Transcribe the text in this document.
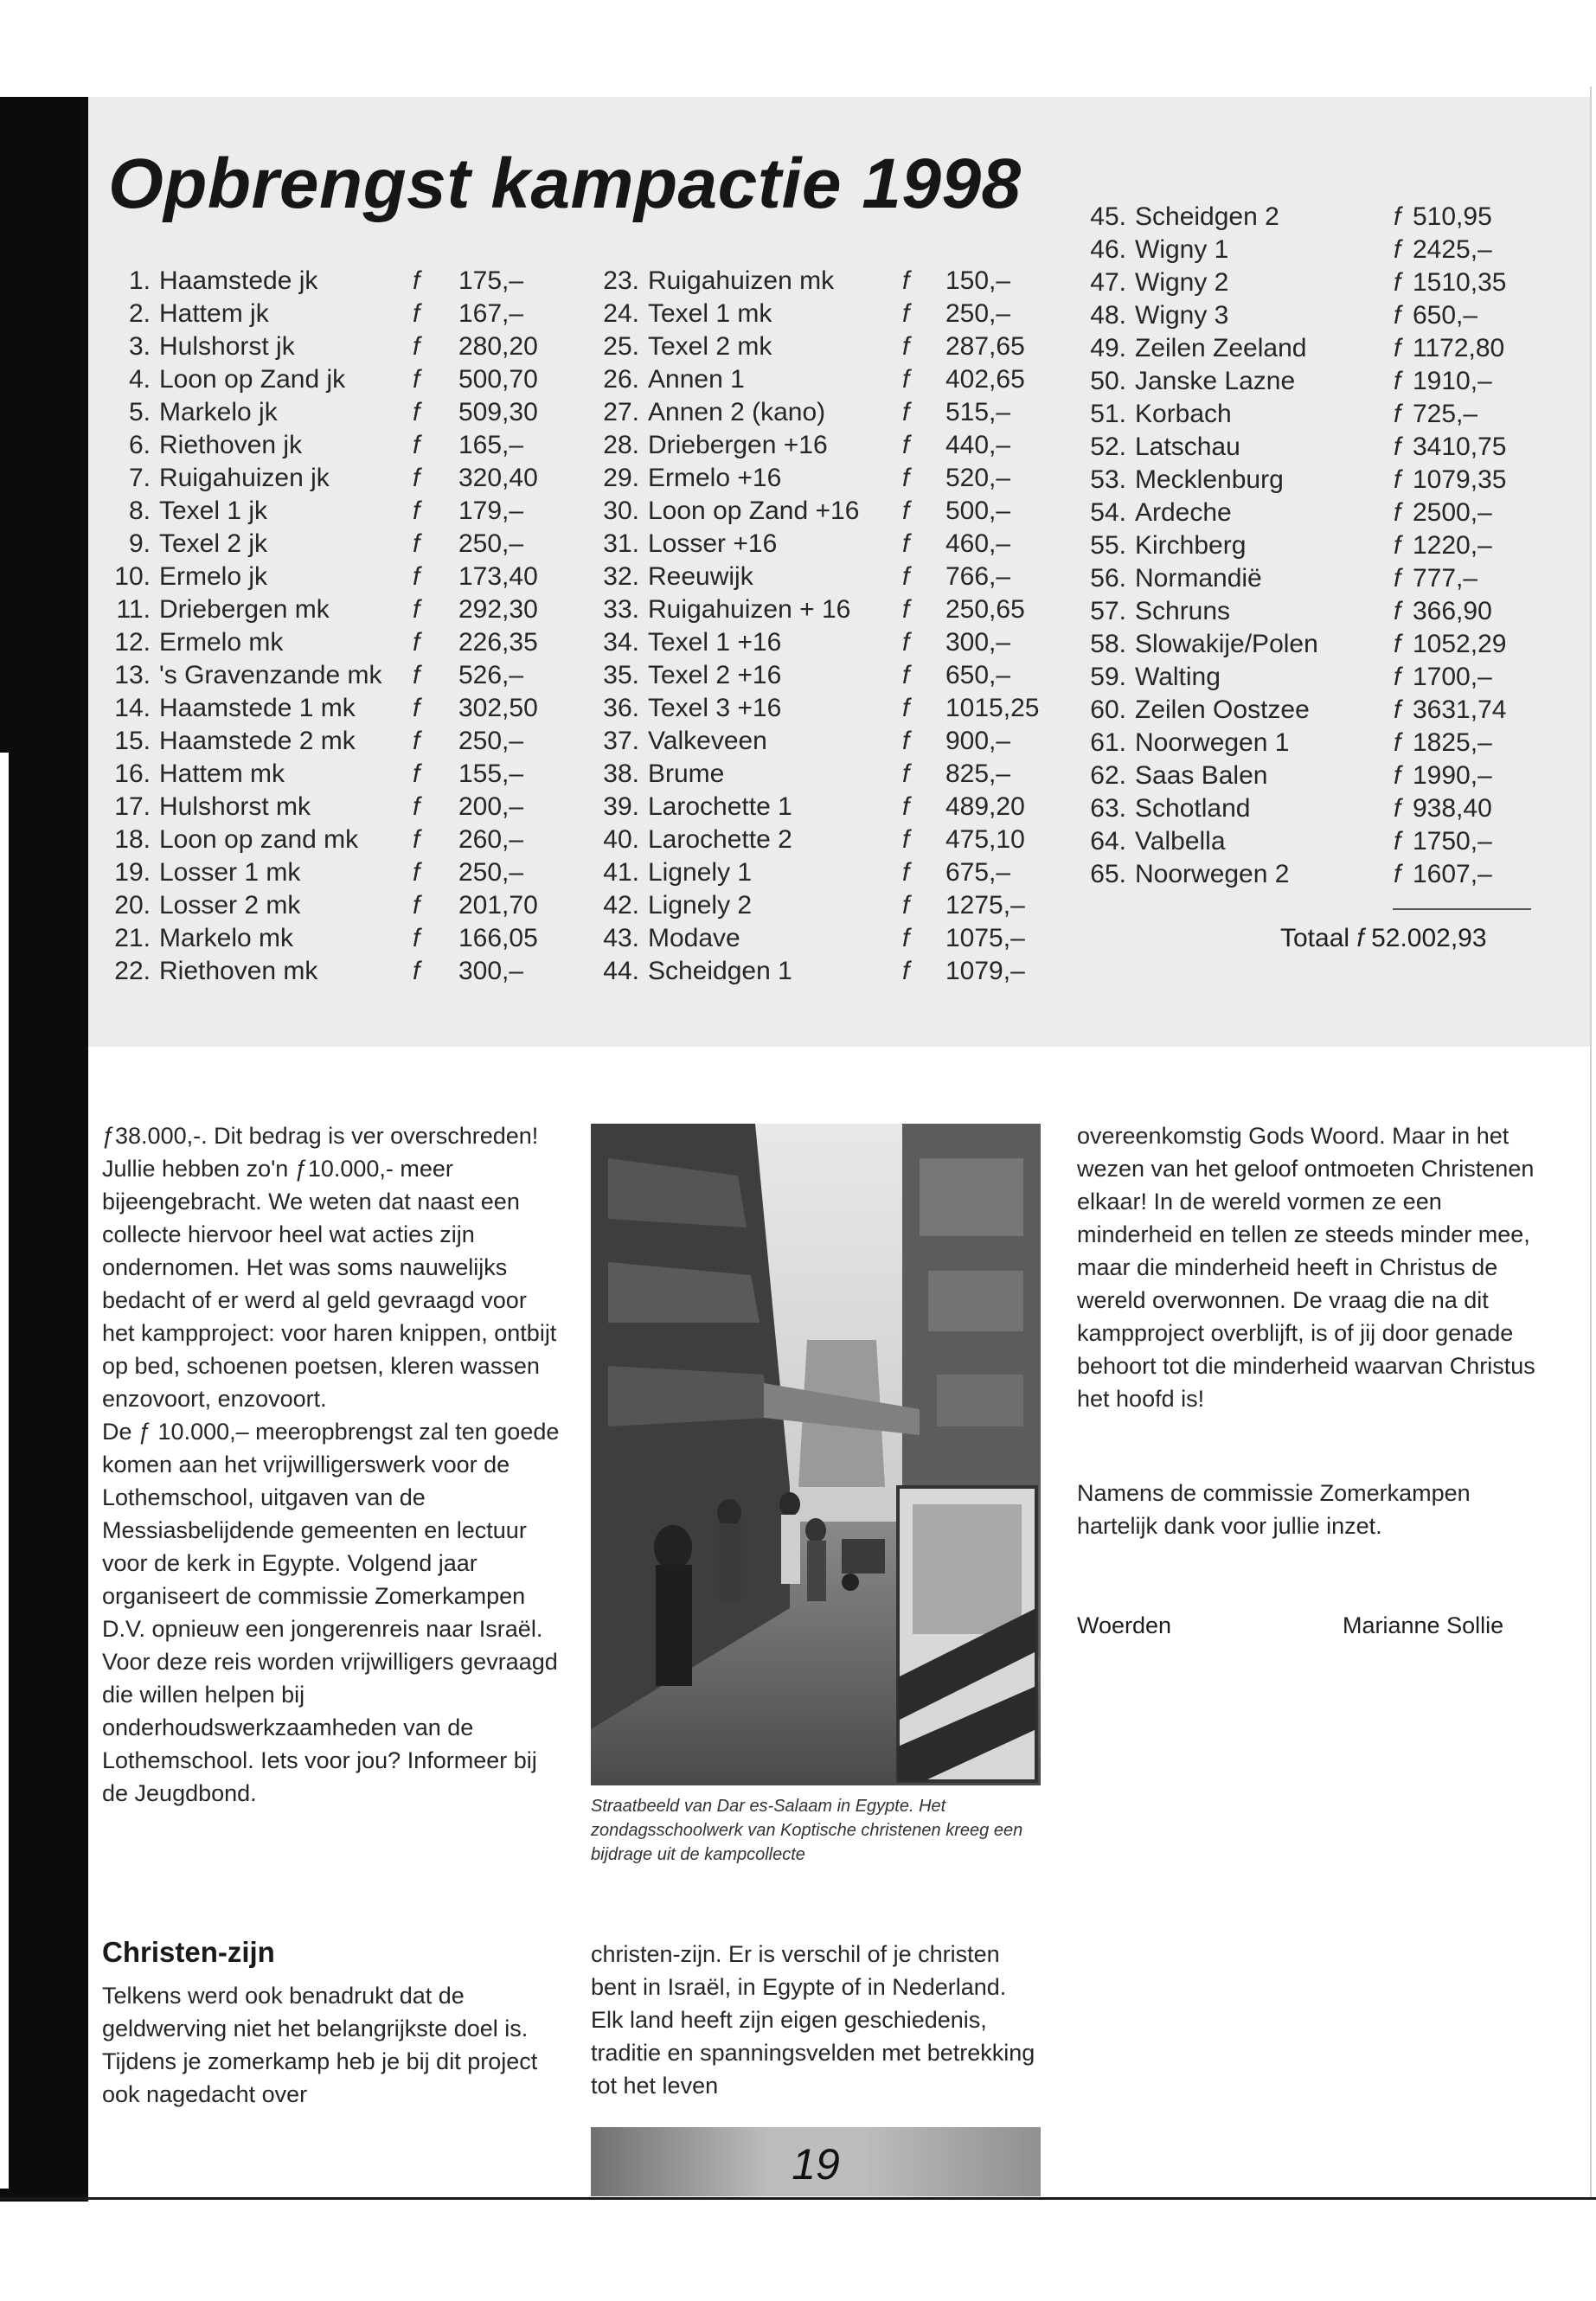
Opbrengst kampactie 1998
1. Haamstede jk	f 175,–
2. Hattem jk	f 167,–
3. Hulshorst jk	f 280,20
4. Loon op Zand jk	f 500,70
5. Markelo jk	f 509,30
6. Riethoven jk	f 165,–
7. Ruigahuizen jk	f 320,40
8. Texel 1 jk	f 179,–
9. Texel 2 jk	f 250,–
10. Ermelo jk	f 173,40
11. Driebergen mk	f 292,30
12. Ermelo mk	f 226,35
13. 's Gravenzande mk f 526,–
14. Haamstede 1 mk f 302,50
15. Haamstede 2 mk f 250,–
16. Hattem mk	f 155,–
17. Hulshorst mk	f 200,–
18. Loon op zand mk f 260,–
19. Losser 1 mk	f 250,–
20. Losser 2 mk	f 201,70
21. Markelo mk	f 166,05
22. Riethoven mk	f 300,–
23. Ruigahuizen mk	f 150,–
24. Texel 1 mk	f 250,–
25. Texel 2 mk	f 287,65
26. Annen 1	f 402,65
27. Annen 2 (kano)	f 515,–
28. Driebergen +16	f 440,–
29. Ermelo +16	f 520,–
30. Loon op Zand +16 f 500,–
31. Losser +16	f 460,–
32. Reeuwijk	f 766,–
33. Ruigahuizen + 16 f 250,65
34. Texel 1 +16	f 300,–
35. Texel 2 +16	f 650,–
36. Texel 3 +16	f 1015,25
37. Valkeveen	f 900,–
38. Brume	f 825,–
39. Larochette 1	f 489,20
40. Larochette 2	f 475,10
41. Lignely 1	f 675,–
42. Lignely 2	f 1275,–
43. Modave	f 1075,–
44. Scheidgen 1	f 1079,–
45. Scheidgen 2	f 510,95
46. Wigny 1	f 2425,–
47. Wigny 2	f 1510,35
48. Wigny 3	f 650,–
49. Zeilen Zeeland	f 1172,80
50. Janske Lazne	f 1910,–
51. Korbach	f 725,–
52. Latschau	f 3410,75
53. Mecklenburg	f 1079,35
54. Ardeche	f 2500,–
55. Kirchberg	f 1220,–
56. Normandië	f 777,–
57. Schruns	f 366,90
58. Slowakije/Polen	f 1052,29
59. Walting	f 1700,–
60. Zeilen Oostzee	f 3631,74
61. Noorwegen 1	f 1825,–
62. Saas Balen	f 1990,–
63. Schotland	f 938,40
64. Valbella	f 1750,–
65. Noorwegen 2	f 1607,–
Totaal f 52.002,93

ƒ38.000,-. Dit bedrag is ver overschreden! Jullie hebben zo'n ƒ10.000,- meer bijeengebracht. We weten dat naast een collecte hiervoor heel wat acties zijn ondernomen. Het was soms nauwelijks bedacht of er werd al geld gevraagd voor het kampproject: voor haren knippen, ontbijt op bed, schoenen poetsen, kleren wassen enzovoort, enzovoort.
De ƒ 10.000,– meeropbrengst zal ten goede komen aan het vrijwilligerswerk voor de Lothemschool, uitgaven van de Messiasbelijdende gemeenten en lectuur voor de kerk in Egypte. Volgend jaar organiseert de commissie Zomerkampen D.V. opnieuw een jongerenreis naar Israël. Voor deze reis worden vrijwilligers gevraagd die willen helpen bij onderhoudswerkzaamheden van de Lothemschool. Iets voor jou? Informeer bij de Jeugdbond.

Christen-zijn

Telkens werd ook benadrukt dat de geldwerving niet het belangrijkste doel is. Tijdens je zomerkamp heb je bij dit project ook nagedacht over

Straatbeeld van Dar es-Salaam in Egypte. Het zondagsschoolwerk van Koptische christenen kreeg een bijdrage uit de kampcollecte

christen-zijn. Er is verschil of je christen bent in Israël, in Egypte of in Nederland. Elk land heeft zijn eigen geschiedenis, traditie en spanningsvelden met betrekking tot het leven

overeenkomstig Gods Woord. Maar in het wezen van het geloof ontmoeten Christenen elkaar! In de wereld vormen ze een minderheid en tellen ze steeds minder mee, maar die minderheid heeft in Christus de wereld overwonnen. De vraag die na dit kampproject overblijft, is of jij door genade behoort tot die minderheid waarvan Christus het hoofd is!

Namens de commissie Zomerkampen hartelijk dank voor jullie inzet.

Woerden	Marianne Sollie
19
